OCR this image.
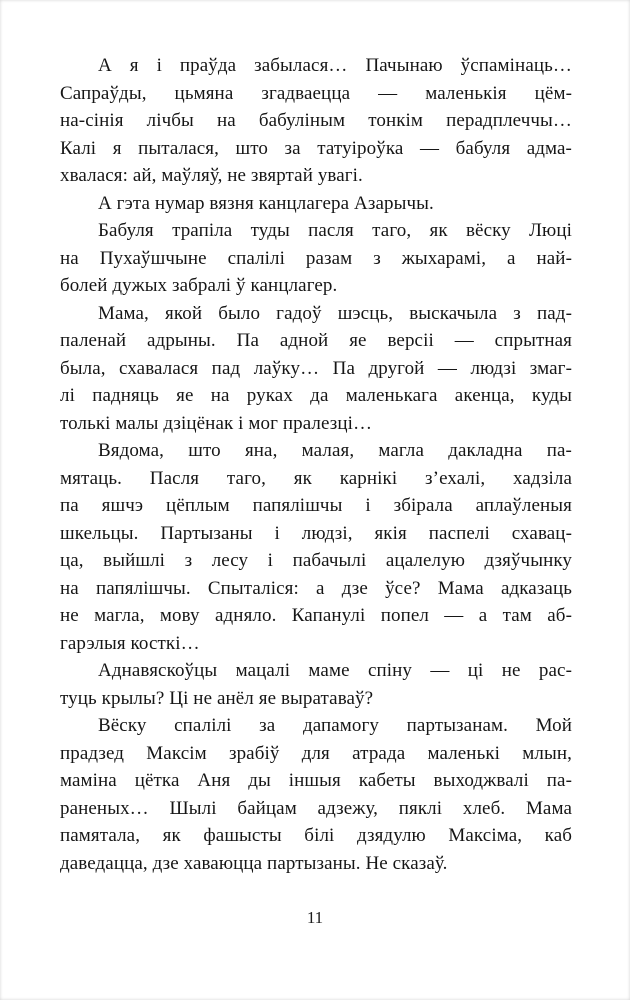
А я і праўда забылася… Пачынаю ўспамінаць…
Сапраўды, цьмяна згадваецца — маленькія цём-
на-сінія лічбы на бабуліным тонкім перадплеччы…
Калі я пыталася, што за татуіроўка — бабуля адма-
хвалася: ай, маўляў, не звяртай увагі.
А гэта нумар вязня канцлагера Азарычы.
Бабуля трапіла туды пасля таго, як вёску Люці
на Пухаўшчыне спалілі разам з жыхарамі, а най-
болей дужых забралі ў канцлагер.
Мама, якой было гадоў шэсць, выскачыла з пад-
паленай адрыны. Па адной яе версіі — спрытная
была, схавалася пад лаўку… Па другой — людзі змаг-
лі падняць яе на руках да маленькага акенца, куды
толькі малы дзіцёнак і мог пралезці…
Вядома, што яна, малая, магла дакладна па-
мятаць. Пасля таго, як карнікі з’ехалі, хадзіла
па яшчэ цёплым папялішчы і збірала аплаўленыя
шкельцы. Партызаны і людзі, якія паспелі схавац-
ца, выйшлі з лесу і пабачылі ацалелую дзяўчынку
на папялішчы. Спыталіся: а дзе ўсе? Мама адказаць
не магла, мову адняло. Капанулі попел — а там аб-
гарэлыя косткі…
Аднавяскоўцы мацалі маме спіну — ці не рас-
туць крылы? Ці не анёл яе выратаваў?
Вёску спалілі за дапамогу партызанам. Мой
прадзед Максім зрабіў для атрада маленькі млын,
маміна цётка Аня ды іншыя кабеты выходжвалі па-
раненых… Шылі байцам адзежу, пяклі хлеб. Мама
памятала, як фашысты білі дзядулю Максіма, каб
даведацца, дзе хаваюцца партызаны. Не сказаў.
11
